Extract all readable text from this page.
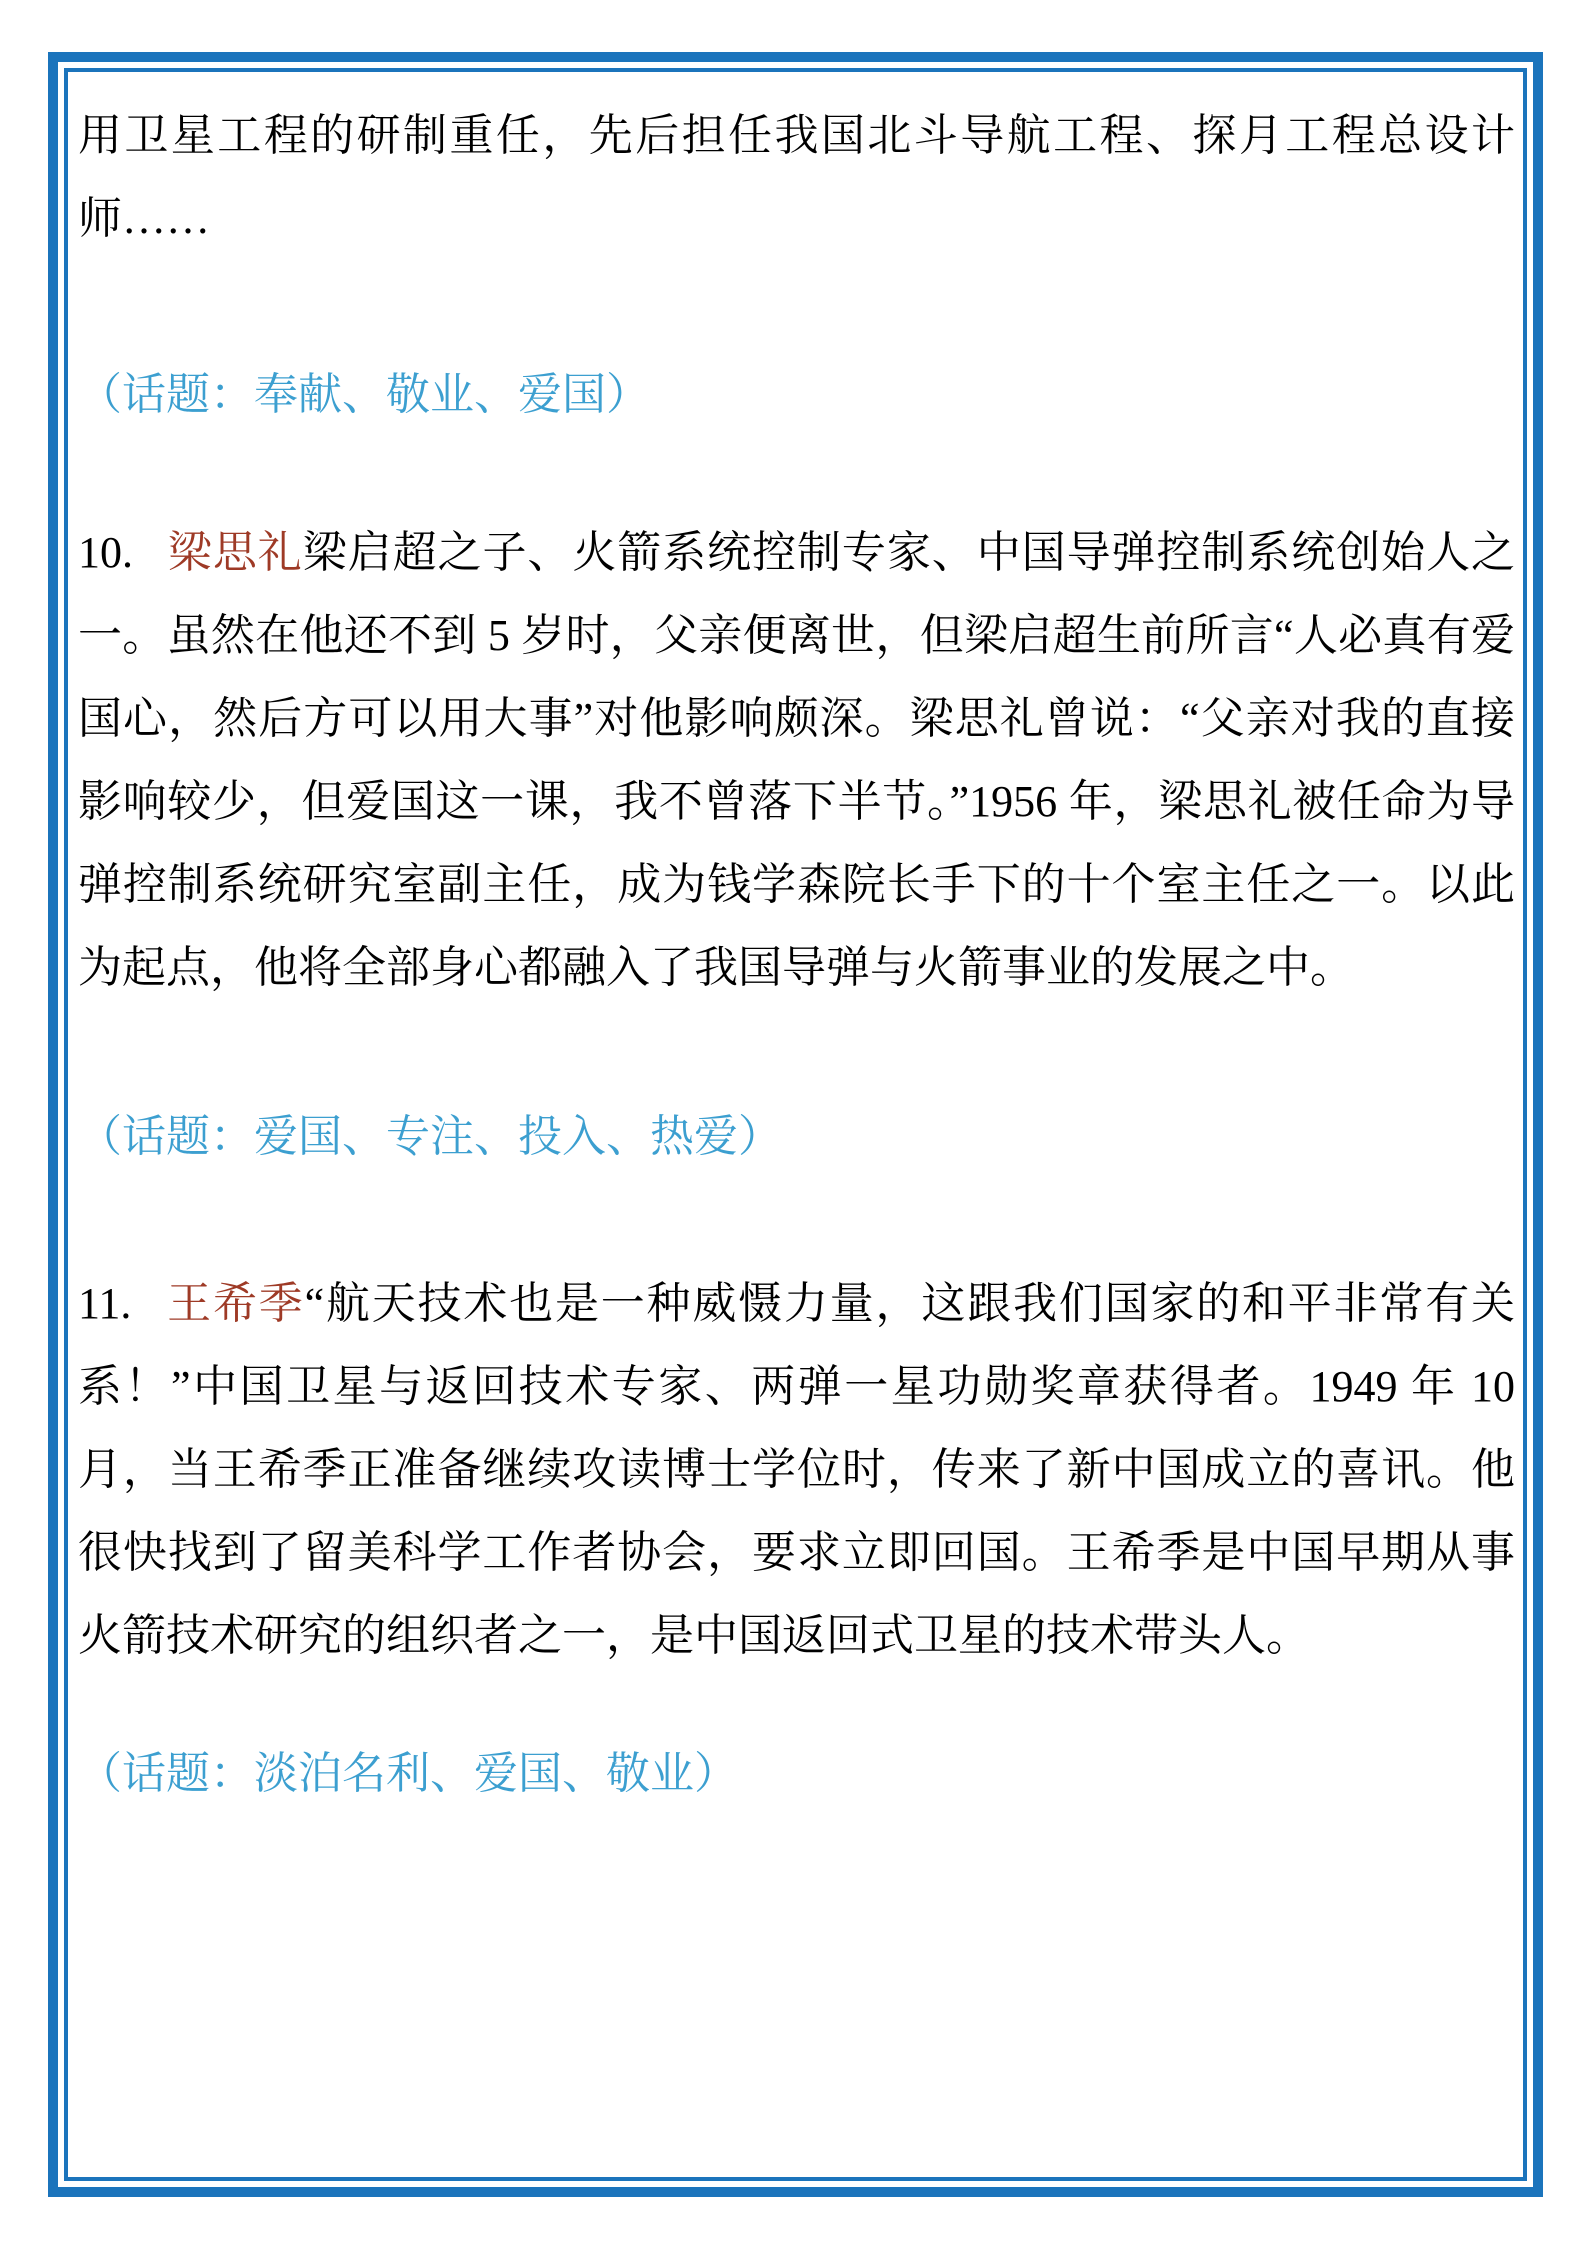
用卫星工程的研制重任，先后担任我国北斗导航工程、探月工程总设计师……

（话题：奉献、敬业、爱国）

10. 梁思礼梁启超之子、火箭系统控制专家、中国导弹控制系统创始人之一。虽然在他还不到 5 岁时，父亲便离世，但梁启超生前所言“人必真有爱国心，然后方可以用大事”对他影响颇深。梁思礼曾说：“父亲对我的直接影响较少，但爱国这一课，我不曾落下半节。”1956 年，梁思礼被任命为导弹控制系统研究室副主任，成为钱学森院长手下的十个室主任之一。以此为起点，他将全部身心都融入了我国导弹与火箭事业的发展之中。

（话题：爱国、专注、投入、热爱）

11. 王希季“航天技术也是一种威慑力量，这跟我们国家的和平非常有关系！”中国卫星与返回技术专家、两弹一星功勋奖章获得者。1949 年 10 月，当王希季正准备继续攻读博士学位时，传来了新中国成立的喜讯。他很快找到了留美科学工作者协会，要求立即回国。王希季是中国早期从事火箭技术研究的组织者之一，是中国返回式卫星的技术带头人。

（话题：淡泊名利、爱国、敬业）
